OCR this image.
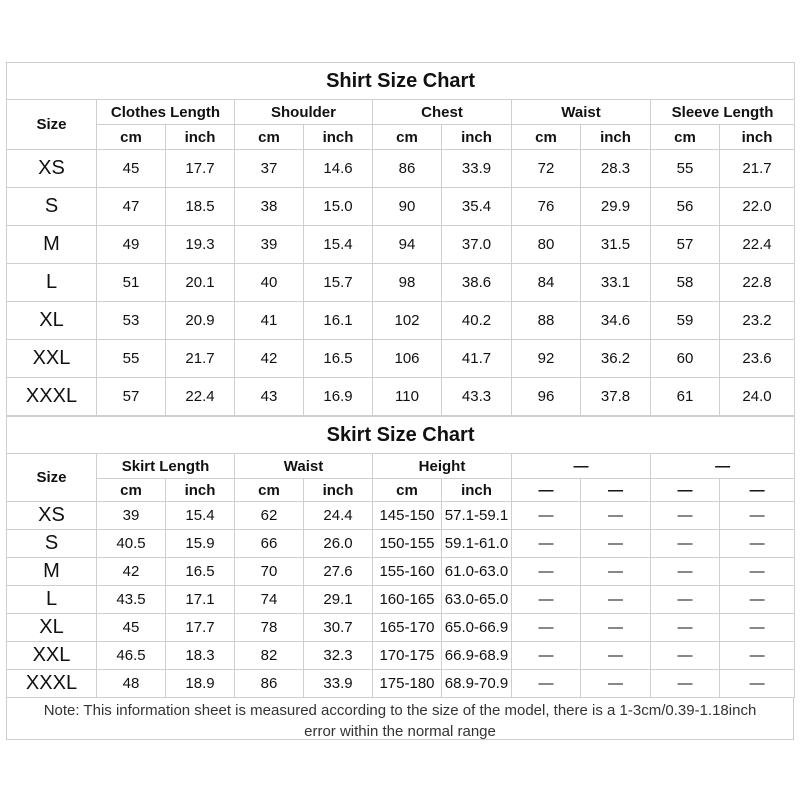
Shirt Size Chart										
Size	Clothes Length		Shoulder		Chest		Waist		Sleeve Length	
	cm	inch	cm	inch	cm	inch	cm	inch	cm	inch
XS	45	17.7	37	14.6	86	33.9	72	28.3	55	21.7
S	47	18.5	38	15.0	90	35.4	76	29.9	56	22.0
M	49	19.3	39	15.4	94	37.0	80	31.5	57	22.4
L	51	20.1	40	15.7	98	38.6	84	33.1	58	22.8
XL	53	20.9	41	16.1	102	40.2	88	34.6	59	23.2
XXL	55	21.7	42	16.5	106	41.7	92	36.2	60	23.6
XXXL	57	22.4	43	16.9	110	43.3	96	37.8	61	24.0
Skirt Size Chart										
Size	Skirt Length		Waist		Height		—		—	
	cm	inch	cm	inch	cm	inch	—	—	—	—
XS	39	15.4	62	24.4	145-150	57.1-59.1	—	—	—	—
S	40.5	15.9	66	26.0	150-155	59.1-61.0	—	—	—	—
M	42	16.5	70	27.6	155-160	61.0-63.0	—	—	—	—
L	43.5	17.1	74	29.1	160-165	63.0-65.0	—	—	—	—
XL	45	17.7	78	30.7	165-170	65.0-66.9	—	—	—	—
XXL	46.5	18.3	82	32.3	170-175	66.9-68.9	—	—	—	—
XXXL	48	18.9	86	33.9	175-180	68.9-70.9	—	—	—	—
Note: This information sheet is measured according to the size of the model, there is a 1-3cm/0.39-1.18inch
error within the normal range
